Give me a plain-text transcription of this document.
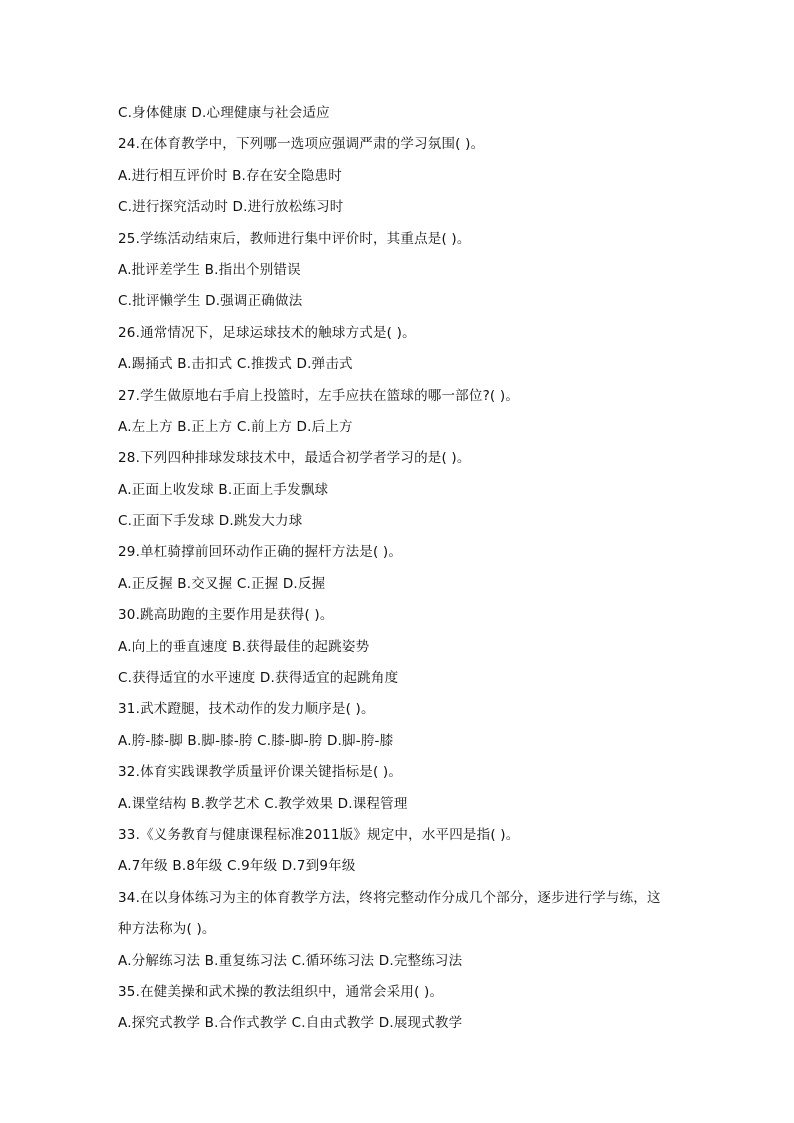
C.身体健康 D.心理健康与社会适应
24.在体育教学中，下列哪一选项应强调严肃的学习氛围( )。
A.进行相互评价时 B.存在安全隐患时
C.进行探究活动时 D.进行放松练习时
25.学练活动结束后，教师进行集中评价时，其重点是( )。
A.批评差学生 B.指出个别错误
C.批评懒学生 D.强调正确做法
26.通常情况下，足球运球技术的触球方式是( )。
A.踢捅式 B.击扣式 C.推拨式 D.弹击式
27.学生做原地右手肩上投篮时，左手应扶在篮球的哪一部位?( )。
A.左上方 B.正上方 C.前上方 D.后上方
28.下列四种排球发球技术中，最适合初学者学习的是( )。
A.正面上收发球 B.正面上手发飘球
C.正面下手发球 D.跳发大力球
29.单杠骑撑前回环动作正确的握杆方法是( )。
A.正反握 B.交叉握 C.正握 D.反握
30.跳高助跑的主要作用是获得( )。
A.向上的垂直速度 B.获得最佳的起跳姿势
C.获得适宜的水平速度 D.获得适宜的起跳角度
31.武术蹬腿，技术动作的发力顺序是( )。
A.胯-膝-脚 B.脚-膝-胯 C.膝-脚-胯 D.脚-胯-膝
32.体育实践课教学质量评价课关键指标是( )。
A.课堂结构 B.教学艺术 C.教学效果 D.课程管理
33.《义务教育与健康课程标准2011版》规定中，水平四是指( )。
A.7年级 B.8年级 C.9年级 D.7到9年级
34.在以身体练习为主的体育教学方法，终将完整动作分成几个部分，逐步进行学与练，这
种方法称为( )。
A.分解练习法 B.重复练习法 C.循环练习法 D.完整练习法
35.在健美操和武术操的教法组织中，通常会采用( )。
A.探究式教学 B.合作式教学 C.自由式教学 D.展现式教学
